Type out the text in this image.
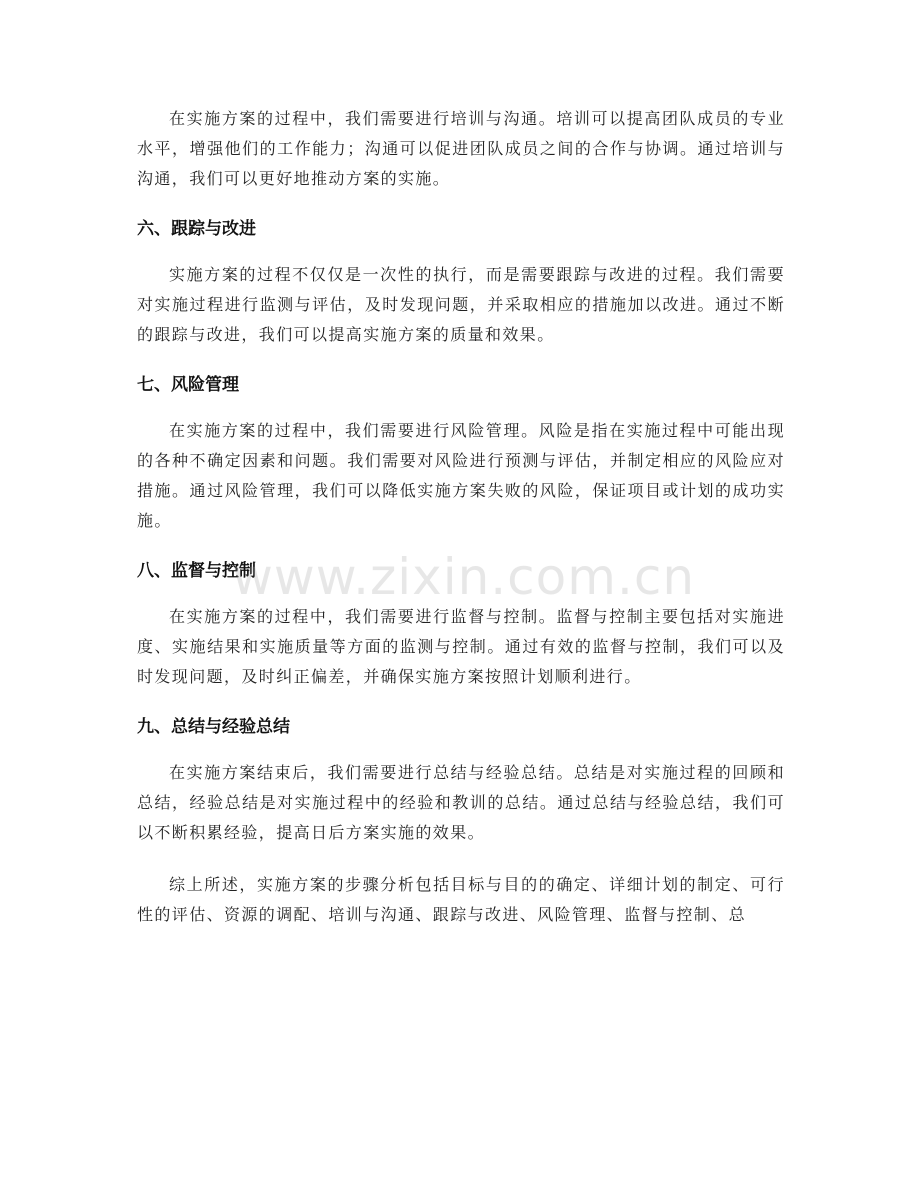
在实施方案的过程中，我们需要进行培训与沟通。培训可以提高团队成员的专业水平，增强他们的工作能力；沟通可以促进团队成员之间的合作与协调。通过培训与沟通，我们可以更好地推动方案的实施。

六、跟踪与改进

实施方案的过程不仅仅是一次性的执行，而是需要跟踪与改进的过程。我们需要对实施过程进行监测与评估，及时发现问题，并采取相应的措施加以改进。通过不断的跟踪与改进，我们可以提高实施方案的质量和效果。

七、风险管理

在实施方案的过程中，我们需要进行风险管理。风险是指在实施过程中可能出现的各种不确定因素和问题。我们需要对风险进行预测与评估，并制定相应的风险应对措施。通过风险管理，我们可以降低实施方案失败的风险，保证项目或计划的成功实施。

八、监督与控制

在实施方案的过程中，我们需要进行监督与控制。监督与控制主要包括对实施进度、实施结果和实施质量等方面的监测与控制。通过有效的监督与控制，我们可以及时发现问题，及时纠正偏差，并确保实施方案按照计划顺利进行。

九、总结与经验总结

在实施方案结束后，我们需要进行总结与经验总结。总结是对实施过程的回顾和总结，经验总结是对实施过程中的经验和教训的总结。通过总结与经验总结，我们可以不断积累经验，提高日后方案实施的效果。

综上所述，实施方案的步骤分析包括目标与目的的确定、详细计划的制定、可行性的评估、资源的调配、培训与沟通、跟踪与改进、风险管理、监督与控制、总

www.zixin.com.cn
